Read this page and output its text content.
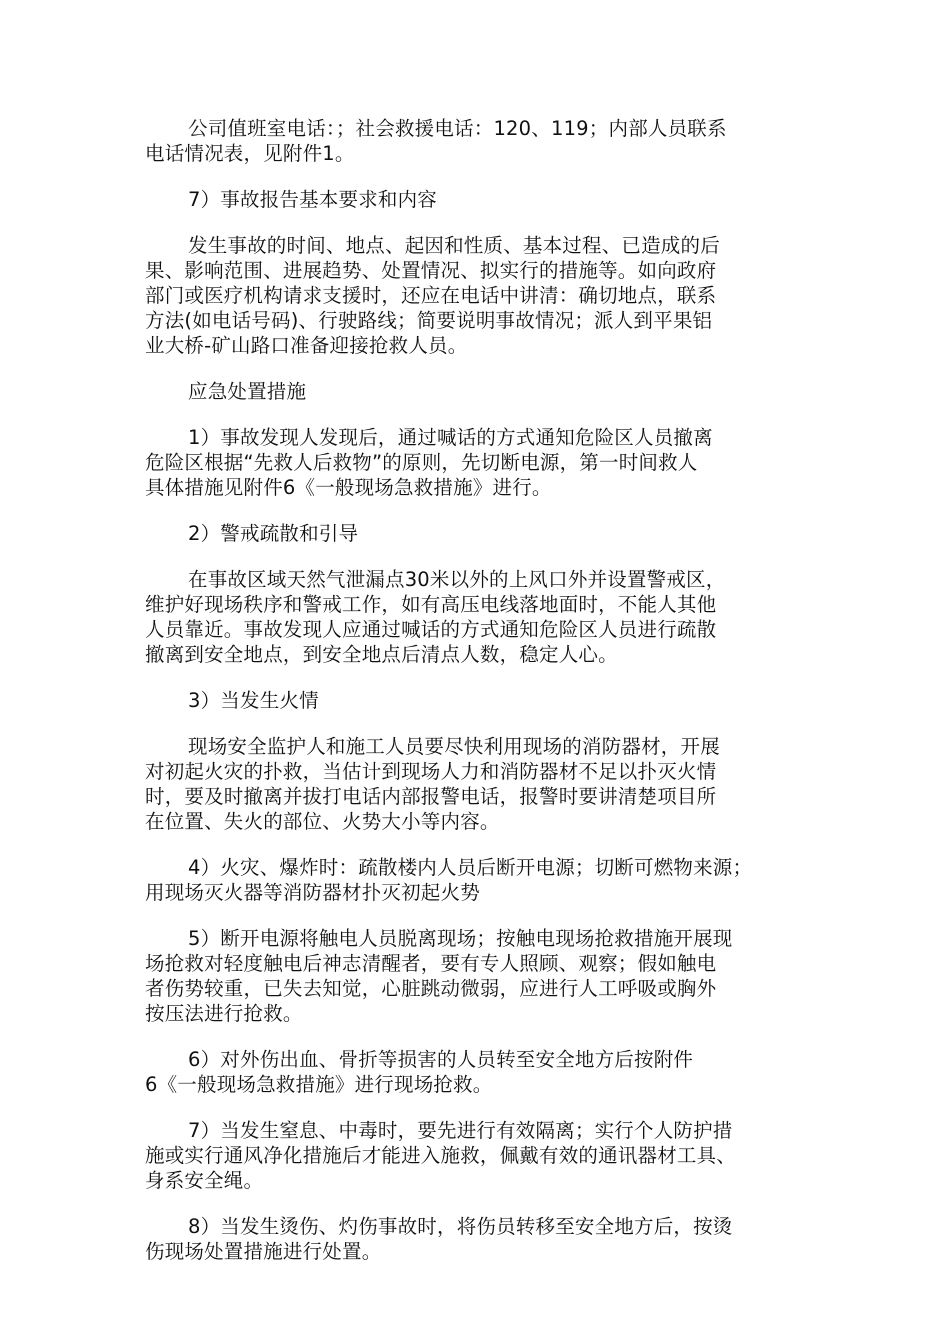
公司值班室电话：；社会救援电话：120、119；内部人员联系
电话情况表，见附件1。
7）事故报告基本要求和内容
发生事故的时间、地点、起因和性质、基本过程、已造成的后
果、影响范围、进展趋势、处置情况、拟实行的措施等。如向政府
部门或医疗机构请求支援时，还应在电话中讲清：确切地点，联系
方法(如电话号码)、行驶路线；简要说明事故情况；派人到平果铝
业大桥-矿山路口准备迎接抢救人员。
应急处置措施
1）事故发现人发现后，通过喊话的方式通知危险区人员撤离
危险区根据“先救人后救物”的原则，先切断电源，第一时间救人
具体措施见附件6《一般现场急救措施》进行。
2）警戒疏散和引导
在事故区域天然气泄漏点30米以外的上风口外并设置警戒区，
维护好现场秩序和警戒工作，如有高压电线落地面时，不能人其他
人员靠近。事故发现人应通过喊话的方式通知危险区人员进行疏散
撤离到安全地点，到安全地点后清点人数，稳定人心。
3）当发生火情
现场安全监护人和施工人员要尽快利用现场的消防器材，开展
对初起火灾的扑救，当估计到现场人力和消防器材不足以扑灭火情
时，要及时撤离并拔打电话内部报警电话，报警时要讲清楚项目所
在位置、失火的部位、火势大小等内容。
4）火灾、爆炸时：疏散楼内人员后断开电源；切断可燃物来源；
用现场灭火器等消防器材扑灭初起火势
5）断开电源将触电人员脱离现场；按触电现场抢救措施开展现
场抢救对轻度触电后神志清醒者，要有专人照顾、观察；假如触电
者伤势较重，已失去知觉，心脏跳动微弱，应进行人工呼吸或胸外
按压法进行抢救。
6）对外伤出血、骨折等损害的人员转至安全地方后按附件
6《一般现场急救措施》进行现场抢救。
7）当发生窒息、中毒时，要先进行有效隔离；实行个人防护措
施或实行通风净化措施后才能进入施救，佩戴有效的通讯器材工具、
身系安全绳。
8）当发生烫伤、灼伤事故时，将伤员转移至安全地方后，按烫
伤现场处置措施进行处置。
